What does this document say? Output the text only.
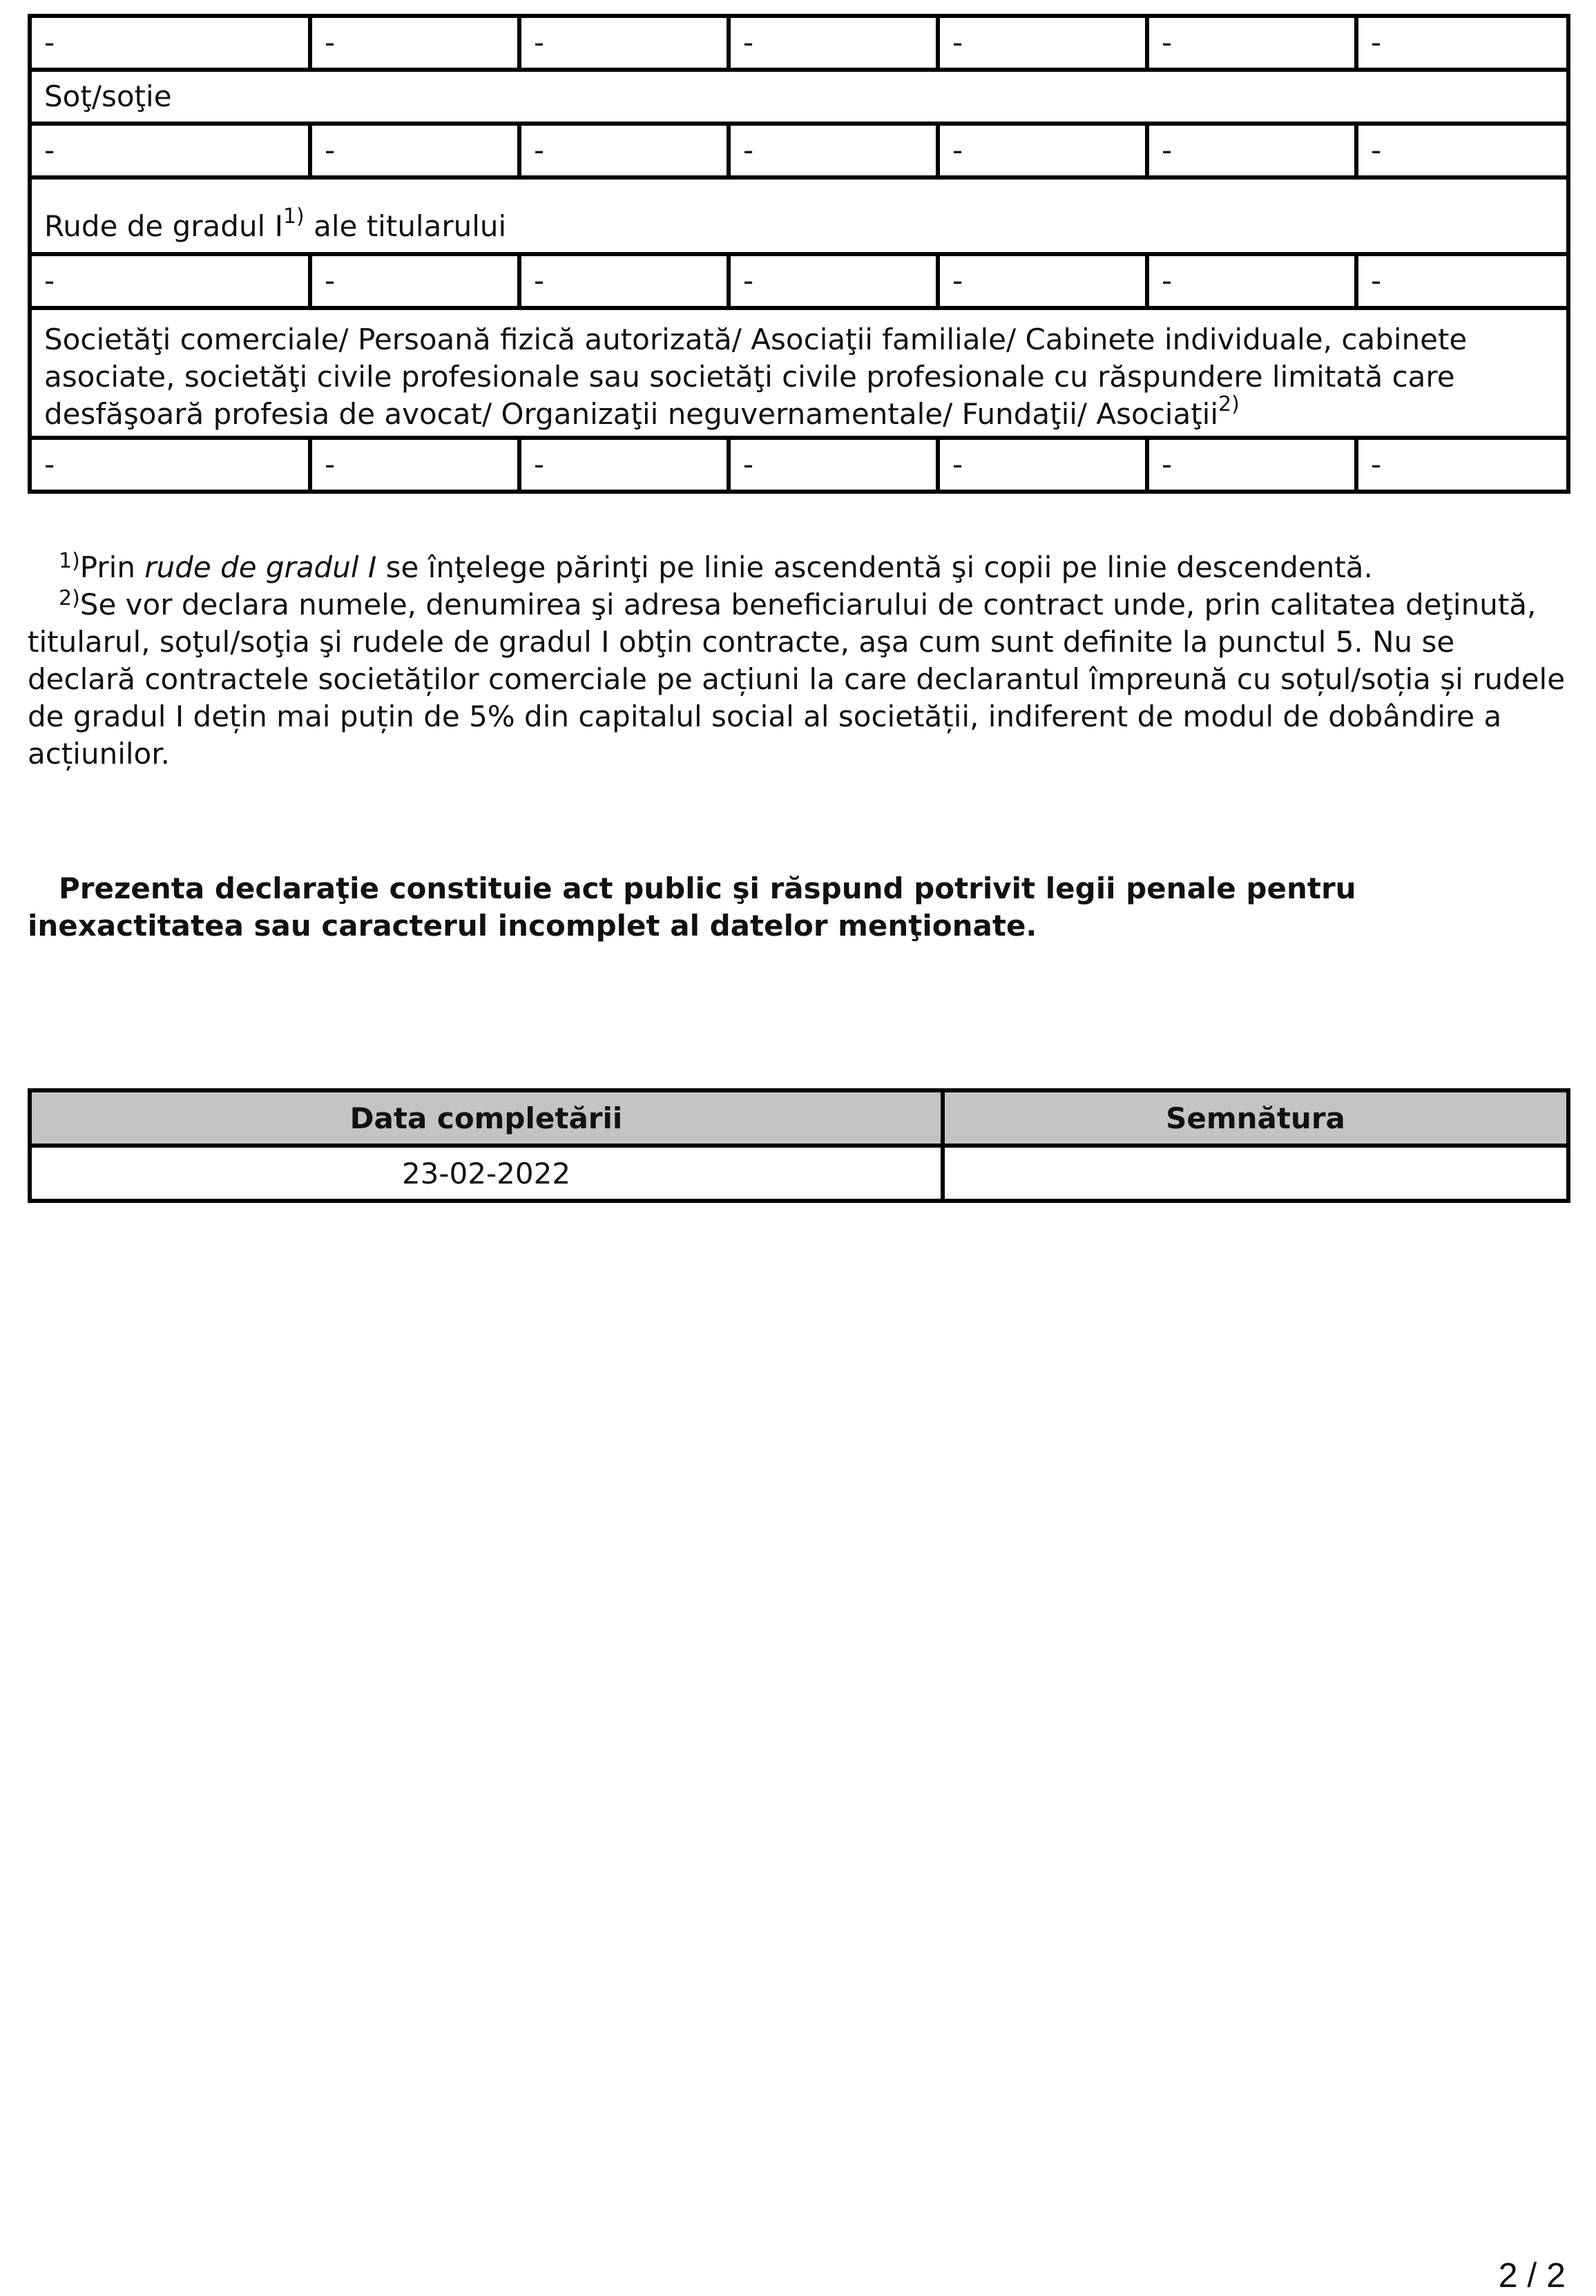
-	-	-	-	-	-	-
Soţ/soţie						
-	-	-	-	-	-	-
Rude de gradul $I^{1)}$ ale titularului						
-	-	-	-	-	-	-
Societăţi comerciale/ Persoană fizică autorizată/ Asociaţii familiale/ Cabinete individuale, cabinete asociate, societăţi civile profesionale sau societăţi civile profesionale cu răspundere limitată care desfăşoară profesia de avocat/ Organizaţii neguvernamentale/ Fundaţii/ Asociaţii$^{2)}$
-	-	-	-	-	-	-

$^{1)}$Prin rude de gradul I se înţelege părinţi pe linie ascendentă şi copii pe linie descendentă.

$^{2)}$Se vor declara numele, denumirea şi adresa beneficiarului de contract unde, prin calitatea deţinută, titularul, soţul/soţia şi rudele de gradul I obţin contracte, aşa cum sunt definite la punctul 5. Nu se declară contractele societăților comerciale pe acțiuni la care declarantul împreună cu soțul/soția și rudele de gradul I dețin mai puțin de 5% din capitalul social al societății, indiferent de modul de dobândire a acțiunilor.

Prezenta declaraţie constituie act public şi răspund potrivit legii penale pentru inexactitatea sau caracterul incomplet al datelor menţionate.

Data completării	Semnătura
23-02-2022	
2 / 2
